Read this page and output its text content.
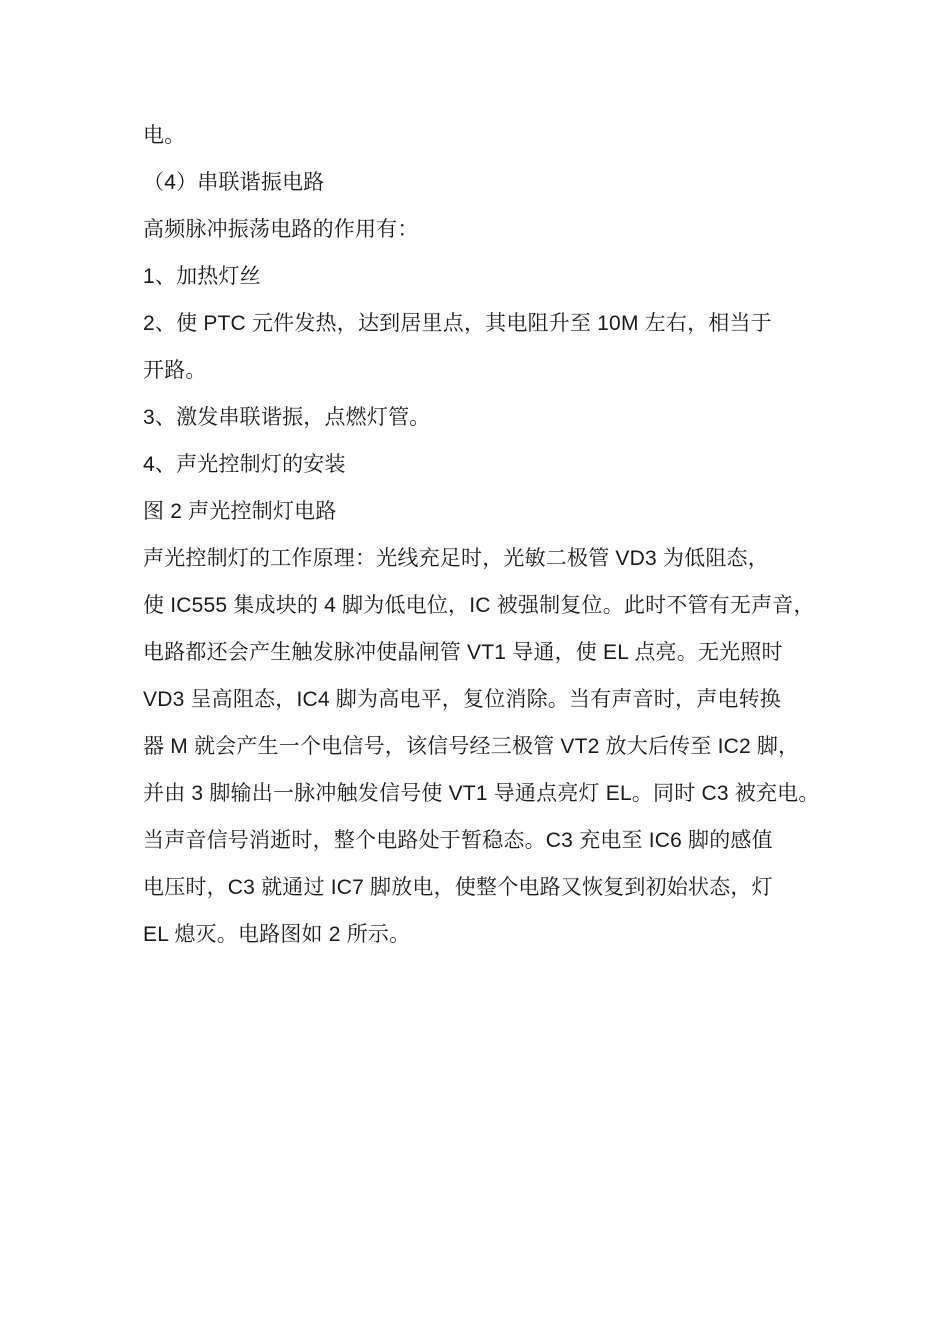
电。

（4）串联谐振电路

高频脉冲振荡电路的作用有：

1、加热灯丝

2、使 PTC 元件发热，达到居里点，其电阻升至 10M 左右，相当于
开路。

3、激发串联谐振，点燃灯管。

4、声光控制灯的安装

图 2 声光控制灯电路

声光控制灯的工作原理：光线充足时，光敏二极管 VD3 为低阻态，
使 IC555 集成块的 4 脚为低电位，IC 被强制复位。此时不管有无声音，
电路都还会产生触发脉冲使晶闸管 VT1 导通，使 EL 点亮。无光照时
VD3 呈高阻态，IC4 脚为高电平，复位消除。当有声音时，声电转换
器 M 就会产生一个电信号，该信号经三极管 VT2 放大后传至 IC2 脚，
并由 3 脚输出一脉冲触发信号使 VT1 导通点亮灯 EL。同时 C3 被充电。
当声音信号消逝时，整个电路处于暂稳态。C3 充电至 IC6 脚的感值
电压时，C3 就通过 IC7 脚放电，使整个电路又恢复到初始状态，灯
EL 熄灭。电路图如 2 所示。
